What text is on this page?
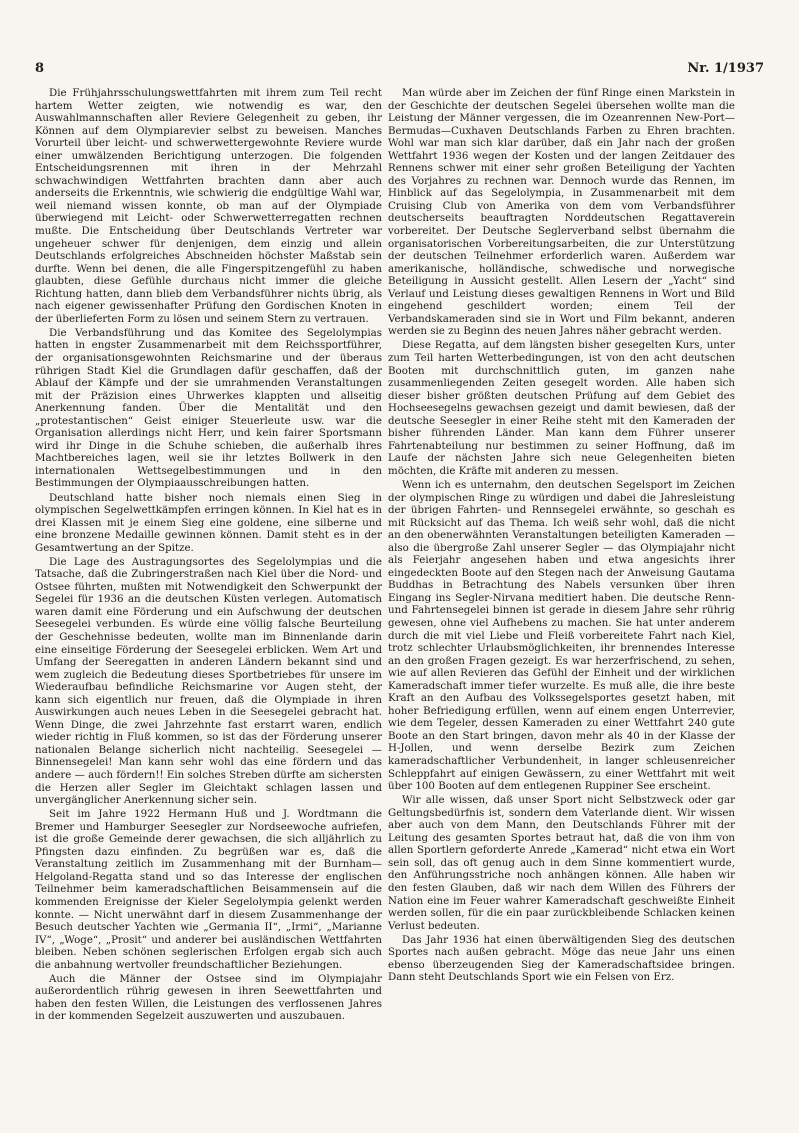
8	Nr. 1/1937

Die Frühjahrsschulungswettfahrten mit ihrem zum Teil recht hartem Wetter zeigten, wie notwendig es war, den Auswahlmannschaften aller Reviere Gelegenheit zu geben, ihr Können auf dem Olympiarevier selbst zu beweisen. Manches Vorurteil über leicht- und schwerwettergewohnte Reviere wurde einer umwälzenden Berichtigung unterzogen. Die folgenden Entscheidungsrennen mit ihren in der Mehrzahl schwachwindigen Wettfahrten brachten dann aber auch anderseits die Erkenntnis, wie schwierig die endgültige Wahl war, weil niemand wissen konnte, ob man auf der Olympiade überwiegend mit Leicht- oder Schwerwetterregatten rechnen mußte. Die Entscheidung über Deutschlands Vertreter war ungeheuer schwer für denjenigen, dem einzig und allein Deutschlands erfolgreiches Abschneiden höchster Maßstab sein durfte. Wenn bei denen, die alle Fingerspitzengefühl zu haben glaubten, diese Gefühle durchaus nicht immer die gleiche Richtung hatten, dann blieb dem Verbandsführer nichts übrig, als nach eigener gewissenhafter Prüfung den Gordischen Knoten in der überlieferten Form zu lösen und seinem Stern zu vertrauen.

Die Verbandsführung und das Komitee des Segelolympias hatten in engster Zusammenarbeit mit dem Reichssportführer, der organisationsgewohnten Reichsmarine und der überaus rührigen Stadt Kiel die Grundlagen dafür geschaffen, daß der Ablauf der Kämpfe und der sie umrahmenden Veranstaltungen mit der Präzision eines Uhrwerkes klappten und allseitig Anerkennung fanden. Über die Mentalität und den „protestantischen“ Geist einiger Steuerleute usw. war die Organisation allerdings nicht Herr, und kein fairer Sportsmann wird ihr Dinge in die Schuhe schieben, die außerhalb ihres Machtbereiches lagen, weil sie ihr letztes Bollwerk in den internationalen Wettsegelbestimmungen und in den Bestimmungen der Olympiaausschreibungen hatten.

Deutschland hatte bisher noch niemals einen Sieg in olympischen Segelwettkämpfen erringen können. In Kiel hat es in drei Klassen mit je einem Sieg eine goldene, eine silberne und eine bronzene Medaille gewinnen können. Damit steht es in der Gesamtwertung an der Spitze.

Die Lage des Austragungsortes des Segelolympias und die Tatsache, daß die Zubringerstraßen nach Kiel über die Nord- und Ostsee führten, mußten mit Notwendigkeit den Schwerpunkt der Segelei für 1936 an die deutschen Küsten verlegen. Automatisch waren damit eine Förderung und ein Aufschwung der deutschen Seesegelei verbunden. Es würde eine völlig falsche Beurteilung der Geschehnisse bedeuten, wollte man im Binnenlande darin eine einseitige Förderung der Seesegelei erblicken. Wem Art und Umfang der Seeregatten in anderen Ländern bekannt sind und wem zugleich die Bedeutung dieses Sportbetriebes für unsere im Wiederaufbau befindliche Reichsmarine vor Augen steht, der kann sich eigentlich nur freuen, daß die Olympiade in ihren Auswirkungen auch neues Leben in die Seesegelei gebracht hat. Wenn Dinge, die zwei Jahrzehnte fast erstarrt waren, endlich wieder richtig in Fluß kommen, so ist das der Förderung unserer nationalen Belange sicherlich nicht nachteilig. Seesegelei — Binnensegelei! Man kann sehr wohl das eine fördern und das andere — auch fördern!! Ein solches Streben dürfte am sichersten die Herzen aller Segler im Gleichtakt schlagen lassen und unvergänglicher Anerkennung sicher sein.

Seit im Jahre 1922 Hermann Huß und J. Wordtmann die Bremer und Hamburger Seesegler zur Nordseewoche aufriefen, ist die große Gemeinde derer gewachsen, die sich alljährlich zu Pfingsten dazu einfinden. Zu begrüßen war es, daß die Veranstaltung zeitlich im Zusammenhang mit der Burnham—Helgoland-Regatta stand und so das Interesse der englischen Teilnehmer beim kameradschaftlichen Beisammensein auf die kommenden Ereignisse der Kieler Segelolympia gelenkt werden konnte. — Nicht unerwähnt darf in diesem Zusammenhange der Besuch deutscher Yachten wie „Germania II“, „Irmi“, „Marianne IV“, „Woge“, „Prosit“ und anderer bei ausländischen Wettfahrten bleiben. Neben schönen seglerischen Erfolgen ergab sich auch die anbahnung wertvoller freundschaftlicher Beziehungen.

Auch die Männer der Ostsee sind im Olympiajahr außerordentlich rührig gewesen in ihren Seewettfahrten und haben den festen Willen, die Leistungen des verflossenen Jahres in der kommenden Segelzeit auszuwerten und auszubauen.

Man würde aber im Zeichen der fünf Ringe einen Markstein in der Geschichte der deutschen Segelei übersehen wollte man die Leistung der Männer vergessen, die im Ozeanrennen New-Port—Bermudas—Cuxhaven Deutschlands Farben zu Ehren brachten. Wohl war man sich klar darüber, daß ein Jahr nach der großen Wettfahrt 1936 wegen der Kosten und der langen Zeitdauer des Rennens schwer mit einer sehr großen Beteiligung der Yachten des Vorjahres zu rechnen war. Dennoch wurde das Rennen, im Hinblick auf das Segelolympia, in Zusammenarbeit mit dem Cruising Club von Amerika von dem vom Verbandsführer deutscherseits beauftragten Norddeutschen Regattaverein vorbereitet. Der Deutsche Seglerverband selbst übernahm die organisatorischen Vorbereitungsarbeiten, die zur Unterstützung der deutschen Teilnehmer erforderlich waren. Außerdem war amerikanische, holländische, schwedische und norwegische Beteiligung in Aussicht gestellt. Allen Lesern der „Yacht“ sind Verlauf und Leistung dieses gewaltigen Rennens in Wort und Bild eingehend geschildert worden; einem Teil der Verbandskameraden sind sie in Wort und Film bekannt, anderen werden sie zu Beginn des neuen Jahres näher gebracht werden.

Diese Regatta, auf dem längsten bisher gesegelten Kurs, unter zum Teil harten Wetterbedingungen, ist von den acht deutschen Booten mit durchschnittlich guten, im ganzen nahe zusammenliegenden Zeiten gesegelt worden. Alle haben sich dieser bisher größten deutschen Prüfung auf dem Gebiet des Hochseesegelns gewachsen gezeigt und damit bewiesen, daß der deutsche Seesegler in einer Reihe steht mit den Kameraden der bisher führenden Länder. Man kann dem Führer unserer Fahrtenabteilung nur bestimmen zu seiner Hoffnung, daß im Laufe der nächsten Jahre sich neue Gelegenheiten bieten möchten, die Kräfte mit anderen zu messen.

Wenn ich es unternahm, den deutschen Segelsport im Zeichen der olympischen Ringe zu würdigen und dabei die Jahresleistung der übrigen Fahrten- und Rennsegelei erwähnte, so geschah es mit Rücksicht auf das Thema. Ich weiß sehr wohl, daß die nicht an den obenerwähnten Veranstaltungen beteiligten Kameraden — also die übergroße Zahl unserer Segler — das Olympiajahr nicht als Feierjahr angesehen haben und etwa angesichts ihrer eingedeckten Boote auf den Stegen nach der Anweisung Gautama Buddhas in Betrachtung des Nabels versunken über ihren Eingang ins Segler-Nirvana meditiert haben. Die deutsche Renn- und Fahrtensegelei binnen ist gerade in diesem Jahre sehr rührig gewesen, ohne viel Aufhebens zu machen. Sie hat unter anderem durch die mit viel Liebe und Fleiß vorbereitete Fahrt nach Kiel, trotz schlechter Urlaubsmöglichkeiten, ihr brennendes Interesse an den großen Fragen gezeigt. Es war herzerfrischend, zu sehen, wie auf allen Revieren das Gefühl der Einheit und der wirklichen Kameradschaft immer tiefer wurzelte. Es muß alle, die ihre beste Kraft an den Aufbau des Volkssegelsportes gesetzt haben, mit hoher Befriedigung erfüllen, wenn auf einem engen Unterrevier, wie dem Tegeler, dessen Kameraden zu einer Wettfahrt 240 gute Boote an den Start bringen, davon mehr als 40 in der Klasse der H-Jollen, und wenn derselbe Bezirk zum Zeichen kameradschaftlicher Verbundenheit, in langer schleusenreicher Schleppfahrt auf einigen Gewässern, zu einer Wettfahrt mit weit über 100 Booten auf dem entlegenen Ruppiner See erscheint.

Wir alle wissen, daß unser Sport nicht Selbstzweck oder gar Geltungsbedürfnis ist, sondern dem Vaterlande dient. Wir wissen aber auch von dem Mann, den Deutschlands Führer mit der Leitung des gesamten Sportes betraut hat, daß die von ihm von allen Sportlern geforderte Anrede „Kamerad“ nicht etwa ein Wort sein soll, das oft genug auch in dem Sinne kommentiert wurde, den Anführungsstriche noch anhängen können. Alle haben wir den festen Glauben, daß wir nach dem Willen des Führers der Nation eine im Feuer wahrer Kameradschaft geschweißte Einheit werden sollen, für die ein paar zurückbleibende Schlacken keinen Verlust bedeuten.

Das Jahr 1936 hat einen überwältigenden Sieg des deutschen Sportes nach außen gebracht. Möge das neue Jahr uns einen ebenso überzeugenden Sieg der Kameradschaftsidee bringen. Dann steht Deutschlands Sport wie ein Felsen von Erz.
